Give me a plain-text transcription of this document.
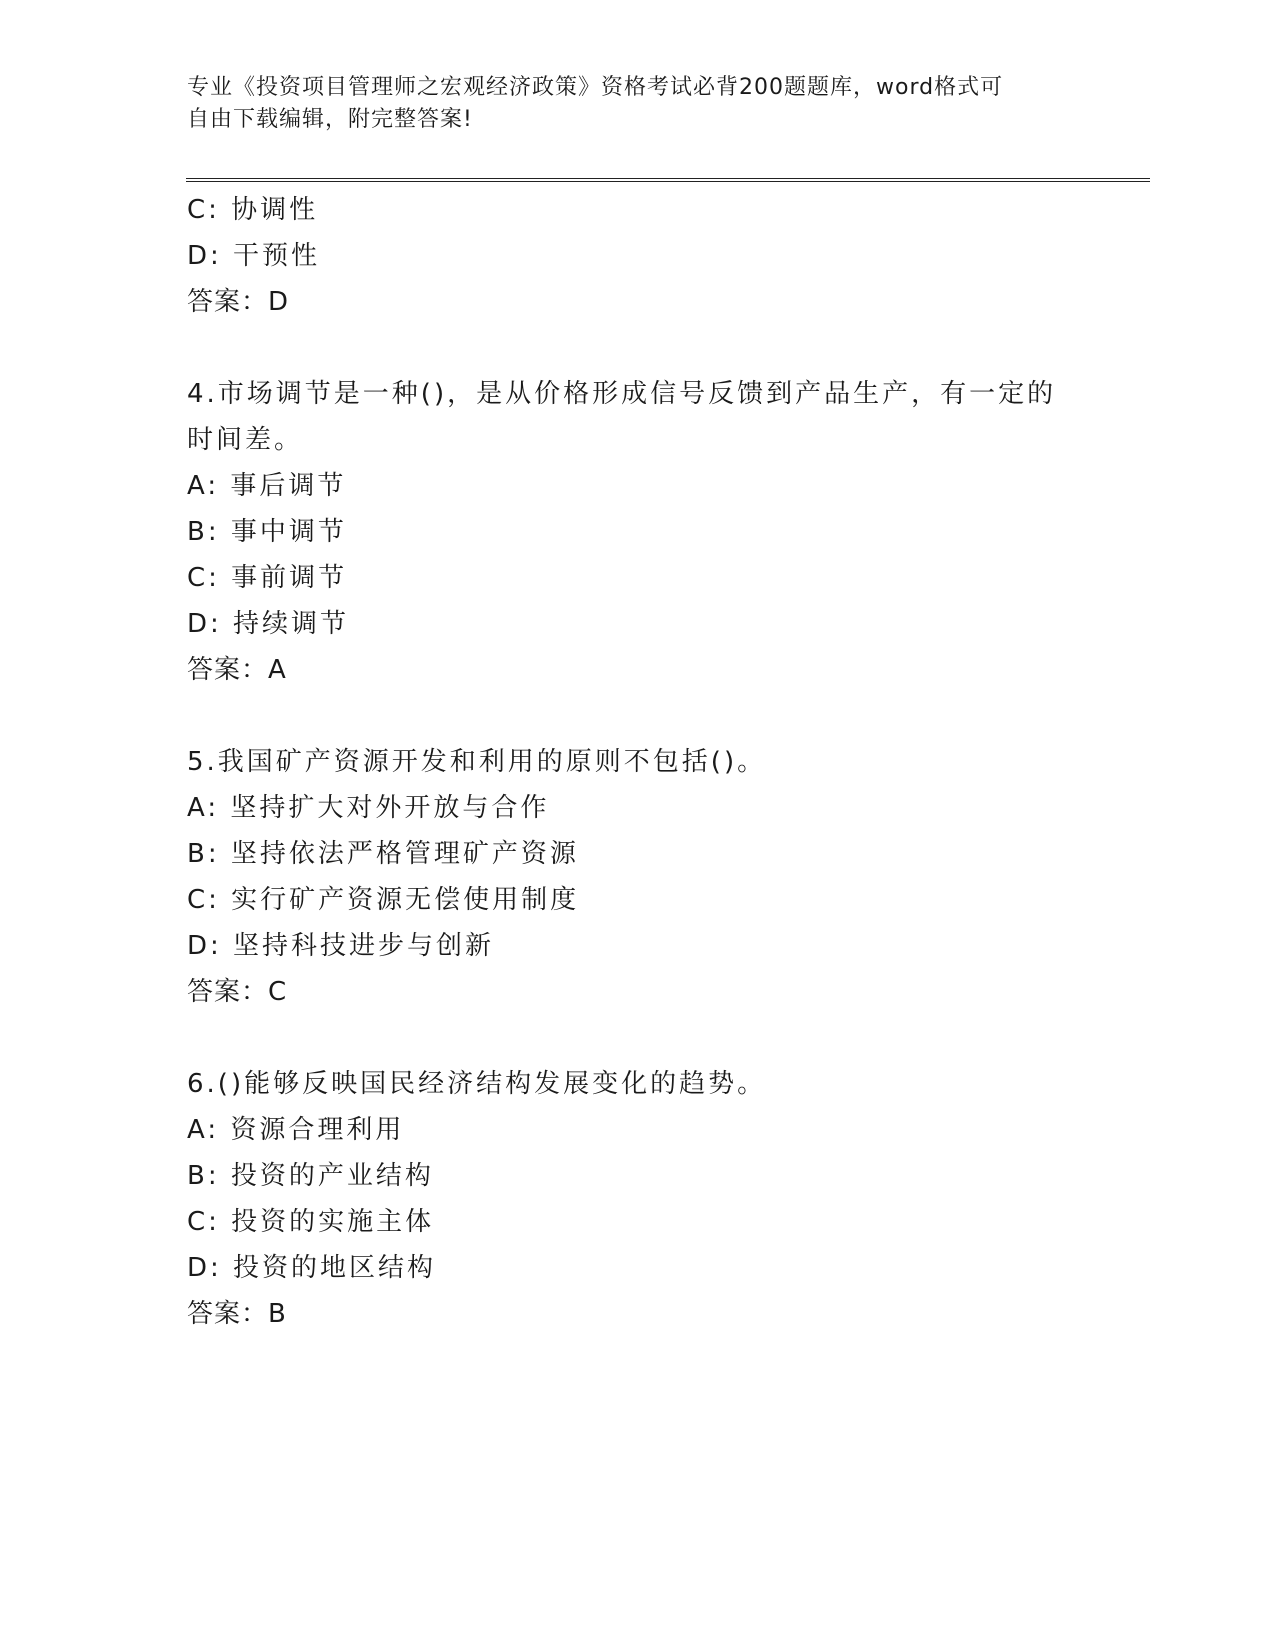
专业《投资项目管理师之宏观经济政策》资格考试必背200题题库，word格式可
自由下载编辑，附完整答案!
C: 协调性
D: 干预性
答案：D
4.市场调节是一种()，是从价格形成信号反馈到产品生产，有一定的
时间差。
A: 事后调节
B: 事中调节
C: 事前调节
D: 持续调节
答案：A
5.我国矿产资源开发和利用的原则不包括()。
A: 坚持扩大对外开放与合作
B: 坚持依法严格管理矿产资源
C: 实行矿产资源无偿使用制度
D: 坚持科技进步与创新
答案：C
6.()能够反映国民经济结构发展变化的趋势。
A: 资源合理利用
B: 投资的产业结构
C: 投资的实施主体
D: 投资的地区结构
答案：B
